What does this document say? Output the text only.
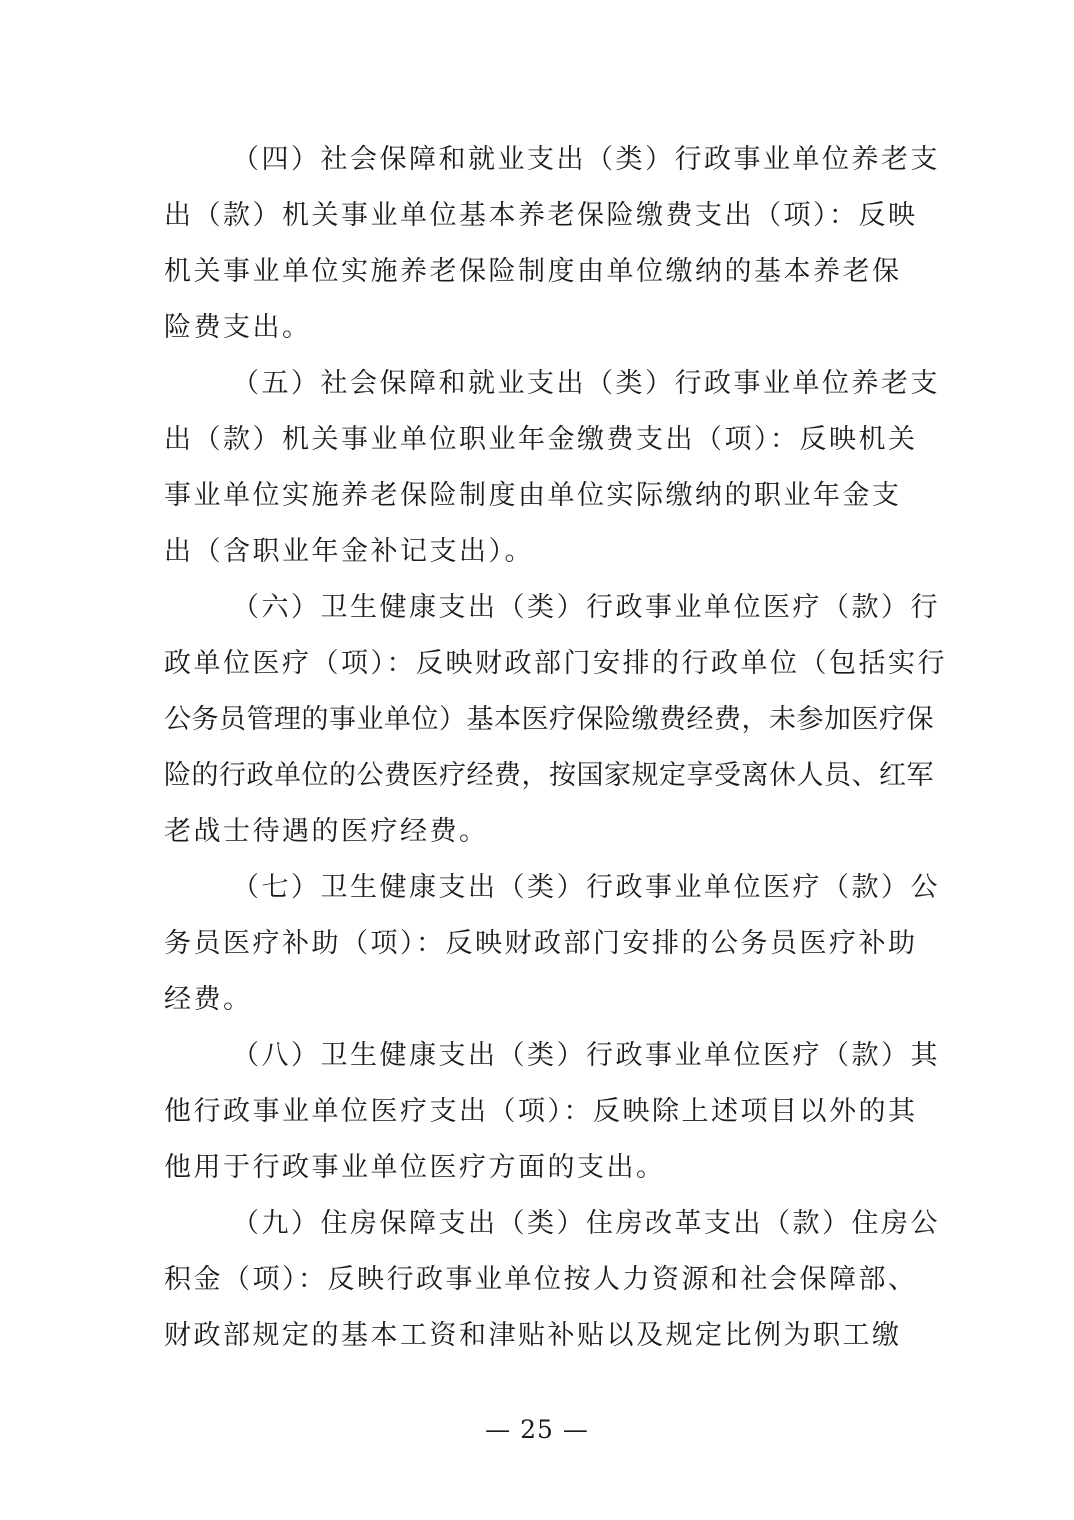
（四）社会保障和就业支出（类）行政事业单位养老支
出（款）机关事业单位基本养老保险缴费支出（项）：反映
机关事业单位实施养老保险制度由单位缴纳的基本养老保
险费支出。
（五）社会保障和就业支出（类）行政事业单位养老支
出（款）机关事业单位职业年金缴费支出（项）：反映机关
事业单位实施养老保险制度由单位实际缴纳的职业年金支
出（含职业年金补记支出）。
（六）卫生健康支出（类）行政事业单位医疗（款）行
政单位医疗（项）：反映财政部门安排的行政单位（包括实行
公务员管理的事业单位）基本医疗保险缴费经费，未参加医疗保
险的行政单位的公费医疗经费，按国家规定享受离休人员、红军
老战士待遇的医疗经费。
（七）卫生健康支出（类）行政事业单位医疗（款）公
务员医疗补助（项）：反映财政部门安排的公务员医疗补助
经费。
（八）卫生健康支出（类）行政事业单位医疗（款）其
他行政事业单位医疗支出（项）：反映除上述项目以外的其
他用于行政事业单位医疗方面的支出。
（九）住房保障支出（类）住房改革支出（款）住房公
积金（项）：反映行政事业单位按人力资源和社会保障部、
财政部规定的基本工资和津贴补贴以及规定比例为职工缴
— 25 —
